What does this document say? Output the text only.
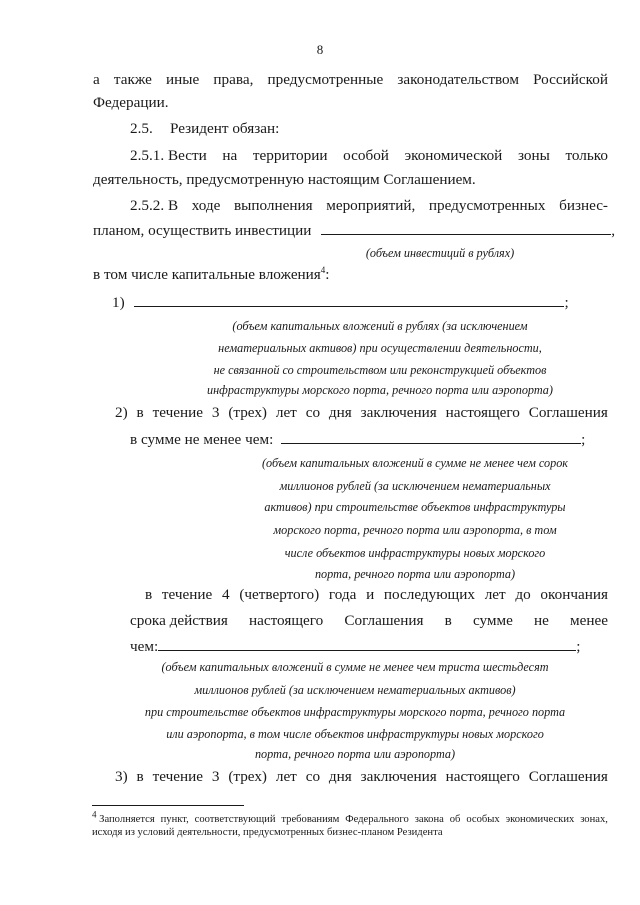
8
а также иные права, предусмотренные законодательством Российской
Федерации.
2.5. Резидент обязан:
2.5.1. Вести на территории особой экономической зоны только
деятельность, предусмотренную настоящим Соглашением.
2.5.2. В ходе выполнения мероприятий, предусмотренных бизнес-
планом, осуществить инвестиции	,
(объем инвестиций в рублях)
в том числе капитальные вложения$^4$:
1)	;
(объем капитальных вложений в рублях (за исключением
нематериальных активов) при осуществлении деятельности,
не связанной со строительством или реконструкцией объектов
инфраструктуры морского порта, речного порта или аэропорта)
2) в течение 3 (трех) лет со дня заключения настоящего Соглашения
в сумме не менее чем:	;
(объем капитальных вложений в сумме не менее чем сорок
миллионов рублей (за исключением нематериальных
активов) при строительстве объектов инфраструктуры
морского порта, речного порта или аэропорта, в том
числе объектов инфраструктуры новых морского
порта, речного порта или аэропорта)
в течение 4 (четвертого) года и последующих лет до окончания
срока действия настоящего Соглашения в сумме не менее
чем:	;
(объем капитальных вложений в сумме не менее чем триста шестьдесят
миллионов рублей (за исключением нематериальных активов)
при строительстве объектов инфраструктуры морского порта, речного порта
или аэропорта, в том числе объектов инфраструктуры новых морского
порта, речного порта или аэропорта)
3) в течение 3 (трех) лет со дня заключения настоящего Соглашения
$^4$ Заполняется пункт, соответствующий требованиям Федерального закона об особых экономических зонах,
исходя из условий деятельности, предусмотренных бизнес-планом Резидента
